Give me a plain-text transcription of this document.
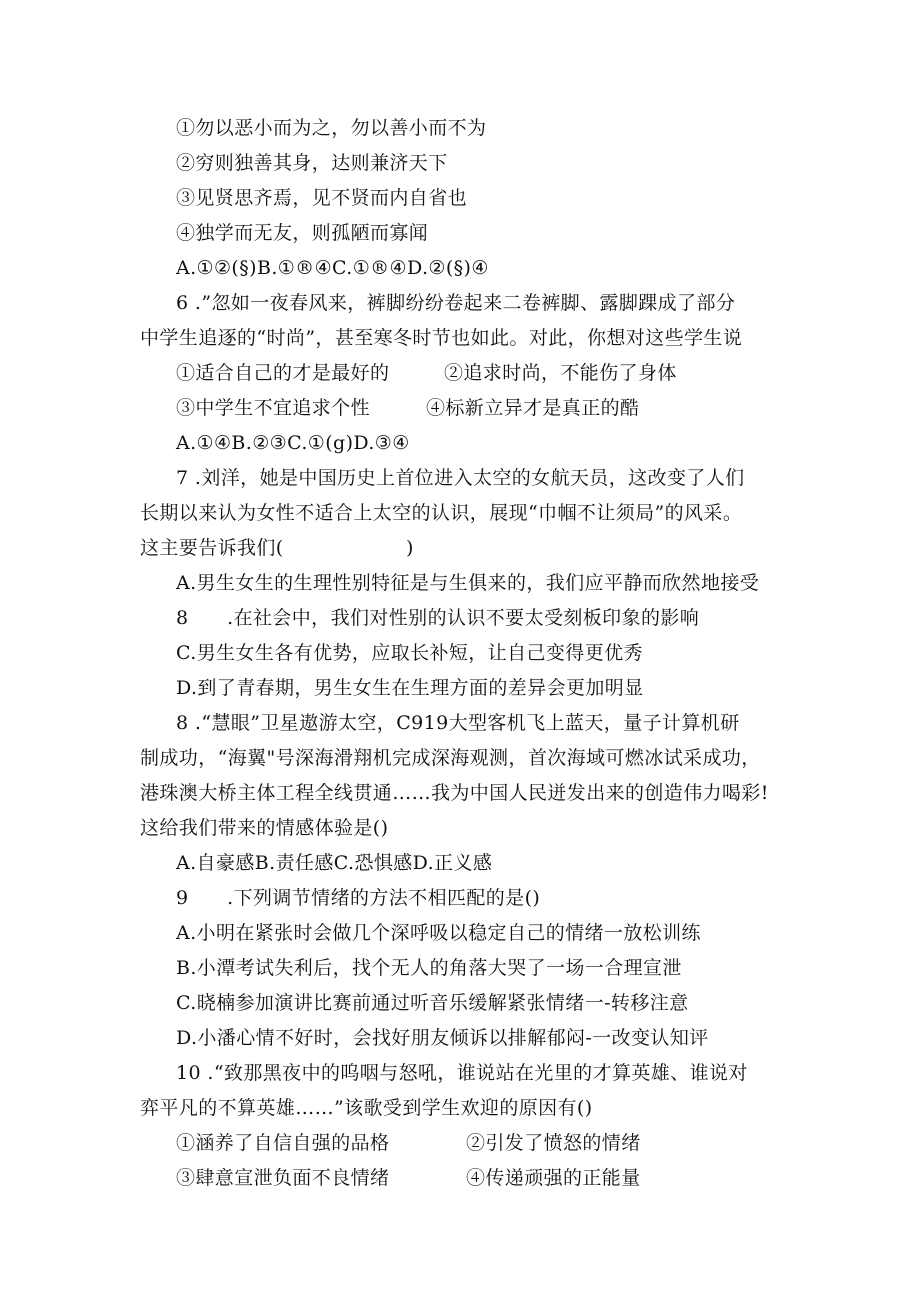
①勿以恶小而为之，勿以善小而不为
②穷则独善其身，达则兼济天下
③见贤思齐焉，见不贤而内自省也
④独学而无友，则孤陋而寡闻
A.①②(§)B.①®④C.①®④D.②(§)④
6 .”忽如一夜春风来，裤脚纷纷卷起来二卷裤脚、露脚踝成了部分
中学生追逐的“时尚”，甚至寒冬时节也如此。对此，你想对这些学生说
①适合自己的才是最好的	②追求时尚，不能伤了身体
③中学生不宜追求个性	④标新立异才是真正的酷
A.①④B.②③C.①(g)D.③④
7 .刘洋，她是中国历史上首位进入太空的女航天员，这改变了人们
长期以来认为女性不适合上太空的认识，展现“巾帼不让须局”的风采。
这主要告诉我们(                   )
A.男生女生的生理性别特征是与生俱来的，我们应平静而欣然地接受
8      .在社会中，我们对性别的认识不要太受刻板印象的影响
C.男生女生各有优势，应取长补短，让自己变得更优秀
D.到了青春期，男生女生在生理方面的差异会更加明显
8 .“慧眼”卫星遨游太空，C919大型客机飞上蓝天，量子计算机研
制成功，“海翼"号深海滑翔机完成深海观测，首次海域可燃冰试采成功，
港珠澳大桥主体工程全线贯通……我为中国人民迸发出来的创造伟力喝彩!
这给我们带来的情感体验是()
A.自豪感B.责任感C.恐惧感D.正义感
9      .下列调节情绪的方法不相匹配的是()
A.小明在紧张时会做几个深呼吸以稳定自己的情绪一放松训练
B.小潭考试失利后，找个无人的角落大哭了一场一合理宣泄
C.晓楠参加演讲比赛前通过听音乐缓解紧张情绪一-转移注意
D.小潘心情不好时，会找好朋友倾诉以排解郁闷-一改变认知评
10 .“致那黑夜中的呜咽与怒吼，谁说站在光里的才算英雄、谁说对
弈平凡的不算英雄……”该歌受到学生欢迎的原因有()
①涵养了自信自强的品格	②引发了愤怒的情绪
③肆意宣泄负面不良情绪	④传递顽强的正能量
